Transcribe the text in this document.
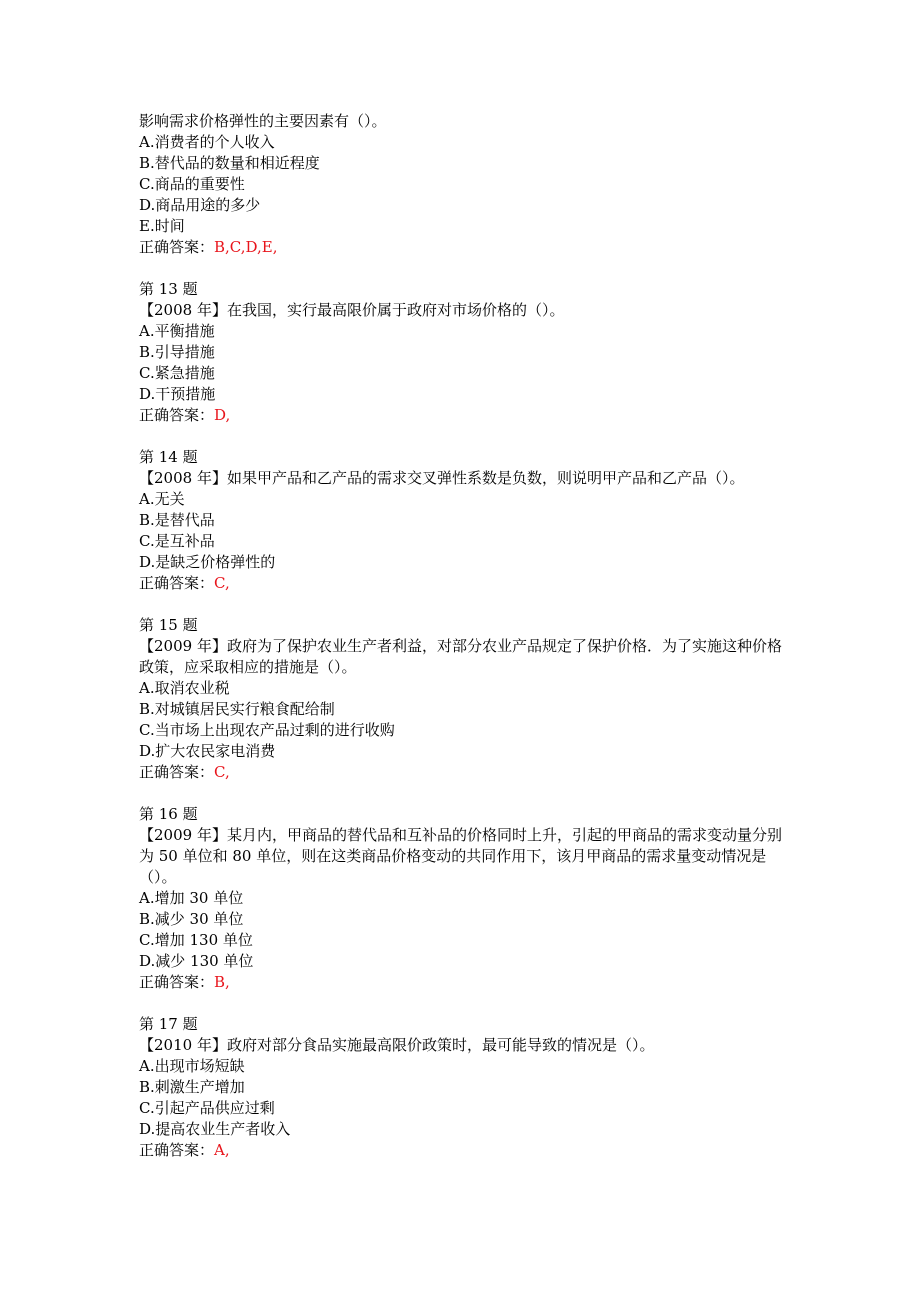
影响需求价格弹性的主要因素有（）。
A.消费者的个人收入
B.替代品的数量和相近程度
C.商品的重要性
D.商品用途的多少
E.时间
正确答案：B,C,D,E,
第 13 题
【2008 年】在我国，实行最高限价属于政府对市场价格的（）。
A.平衡措施
B.引导措施
C.紧急措施
D.干预措施
正确答案：D,
第 14 题
【2008 年】如果甲产品和乙产品的需求交叉弹性系数是负数，则说明甲产品和乙产品（）。
A.无关
B.是替代品
C.是互补品
D.是缺乏价格弹性的
正确答案：C,
第 15 题
【2009 年】政府为了保护农业生产者利益，对部分农业产品规定了保护价格．为了实施这种价格政策，应采取相应的措施是（）。
A.取消农业税
B.对城镇居民实行粮食配给制
C.当市场上出现农产品过剩的进行收购
D.扩大农民家电消费
正确答案：C,
第 16 题
【2009 年】某月内，甲商品的替代品和互补品的价格同时上升，引起的甲商品的需求变动量分别为 50 单位和 80 单位，则在这类商品价格变动的共同作用下，该月甲商品的需求量变动情况是（）。
A.增加 30 单位
B.减少 30 单位
C.增加 130 单位
D.减少 130 单位
正确答案：B,
第 17 题
【2010 年】政府对部分食品实施最高限价政策时，最可能导致的情况是（）。
A.出现市场短缺
B.刺激生产增加
C.引起产品供应过剩
D.提高农业生产者收入
正确答案：A,
